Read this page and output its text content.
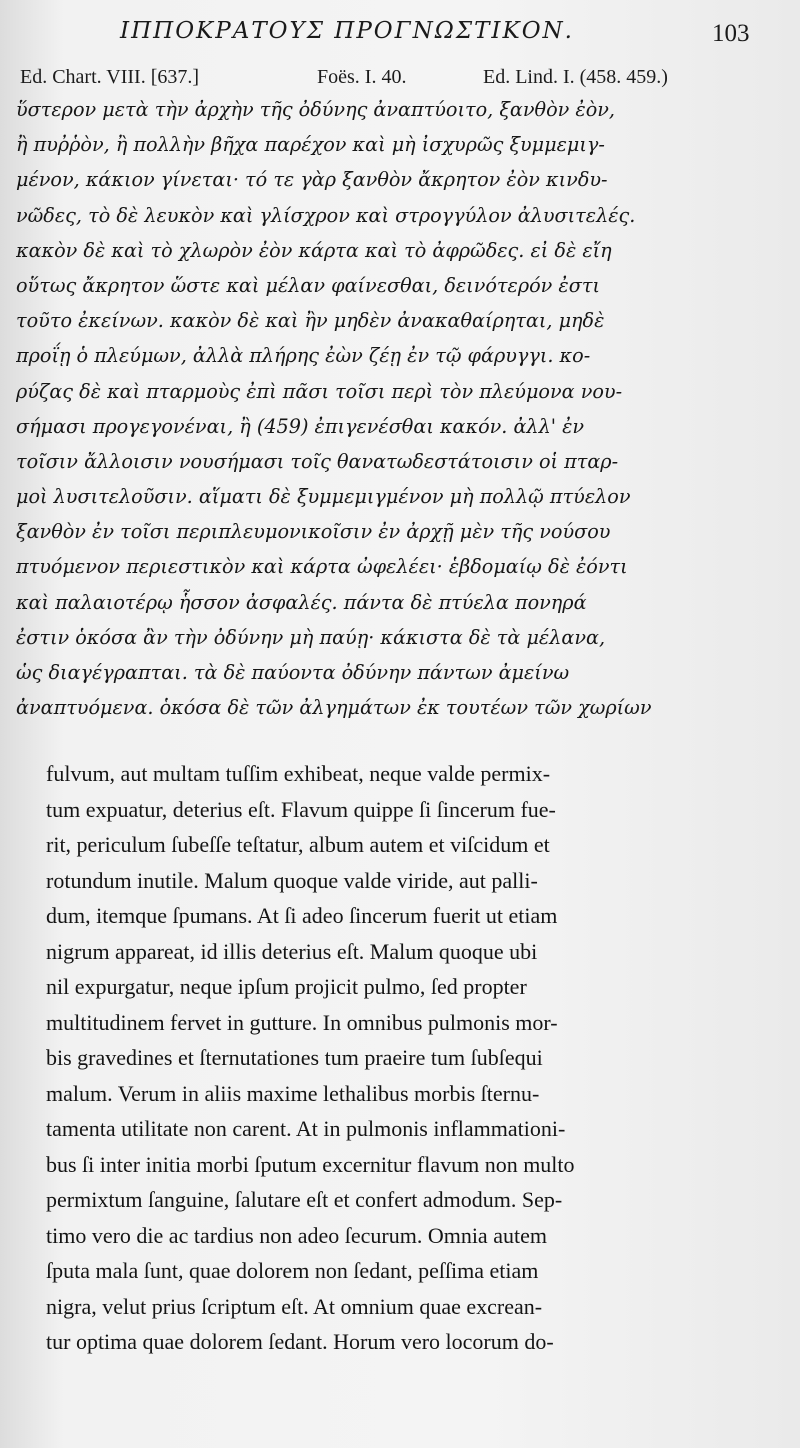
ΙΠΠΟΚΡΑΤΟΥΣ ΠΡΟΓΝΩΣΤΙΚΟΝ.	103
Ed. Chart. VIII. [637.]	Foës. I. 40.	Ed. Lind. I. (458. 459.)
ὕστερον μετὰ τὴν ἀρχὴν τῆς ὀδύνης ἀναπτύοιτο, ξανθὸν ἐὸν,
ἢ πυῤῥὸν, ἢ πολλὴν βῆχα παρέχον καὶ μὴ ἰσχυρῶς ξυμμεμιγ-
μένον, κάκιον γίνεται· τό τε γὰρ ξανθὸν ἄκρητον ἐὸν κινδυ-
νῶδες, τὸ δὲ λευκὸν καὶ γλίσχρον καὶ στρογγύλον ἀλυσιτελές.
κακὸν δὲ καὶ τὸ χλωρὸν ἐὸν κάρτα καὶ τὸ ἀφρῶδες. εἰ δὲ εἴη
οὕτως ἄκρητον ὥστε καὶ μέλαν φαίνεσθαι, δεινότερόν ἐστι
τοῦτο ἐκείνων. κακὸν δὲ καὶ ἢν μηδὲν ἀνακαθαίρηται, μηδὲ
προΐῃ ὁ πλεύμων, ἀλλὰ πλήρης ἐὼν ζέῃ ἐν τῷ φάρυγγι. κο-
ρύζας δὲ καὶ πταρμοὺς ἐπὶ πᾶσι τοῖσι περὶ τὸν πλεύμονα νου-
σήμασι προγεγονέναι, ἢ (459) ἐπιγενέσθαι κακόν. ἀλλ' ἐν
τοῖσιν ἄλλοισιν νουσήμασι τοῖς θανατωδεστάτοισιν οἱ πταρ-
μοὶ λυσιτελοῦσιν. αἵματι δὲ ξυμμεμιγμένον μὴ πολλῷ πτύελον
ξανθὸν ἐν τοῖσι περιπλευμονικοῖσιν ἐν ἀρχῇ μὲν τῆς νούσου
πτυόμενον περιεστικὸν καὶ κάρτα ὠφελέει· ἑβδομαίῳ δὲ ἐόντι
καὶ παλαιοτέρῳ ἧσσον ἀσφαλές. πάντα δὲ πτύελα πονηρά
ἐστιν ὁκόσα ἂν τὴν ὀδύνην μὴ παύῃ· κάκιστα δὲ τὰ μέλανα,
ὡς διαγέγραπται. τὰ δὲ παύοντα ὀδύνην πάντων ἀμείνω
ἀναπτυόμενα. ὁκόσα δὲ τῶν ἀλγημάτων ἐκ τουτέων τῶν χωρίων
fulvum, aut multam tuſſim exhibeat, neque valde permix-
tum expuatur, deterius eſt. Flavum quippe ſi ſincerum fue-
rit, periculum ſubeſſe teſtatur, album autem et viſcidum et
rotundum inutile. Malum quoque valde viride, aut palli-
dum, itemque ſpumans. At ſi adeo ſincerum fuerit ut etiam
nigrum appareat, id illis deterius eſt. Malum quoque ubi
nil expurgatur, neque ipſum projicit pulmo, ſed propter
multitudinem fervet in gutture. In omnibus pulmonis mor-
bis gravedines et ſternutationes tum praeire tum ſubſequi
malum. Verum in aliis maxime lethalibus morbis ſternu-
tamenta utilitate non carent. At in pulmonis inflammationi-
bus ſi inter initia morbi ſputum excernitur flavum non multo
permixtum ſanguine, ſalutare eſt et confert admodum. Sep-
timo vero die ac tardius non adeo ſecurum. Omnia autem
ſputa mala ſunt, quae dolorem non ſedant, peſſima etiam
nigra, velut prius ſcriptum eſt. At omnium quae excrean-
tur optima quae dolorem ſedant. Horum vero locorum do-
